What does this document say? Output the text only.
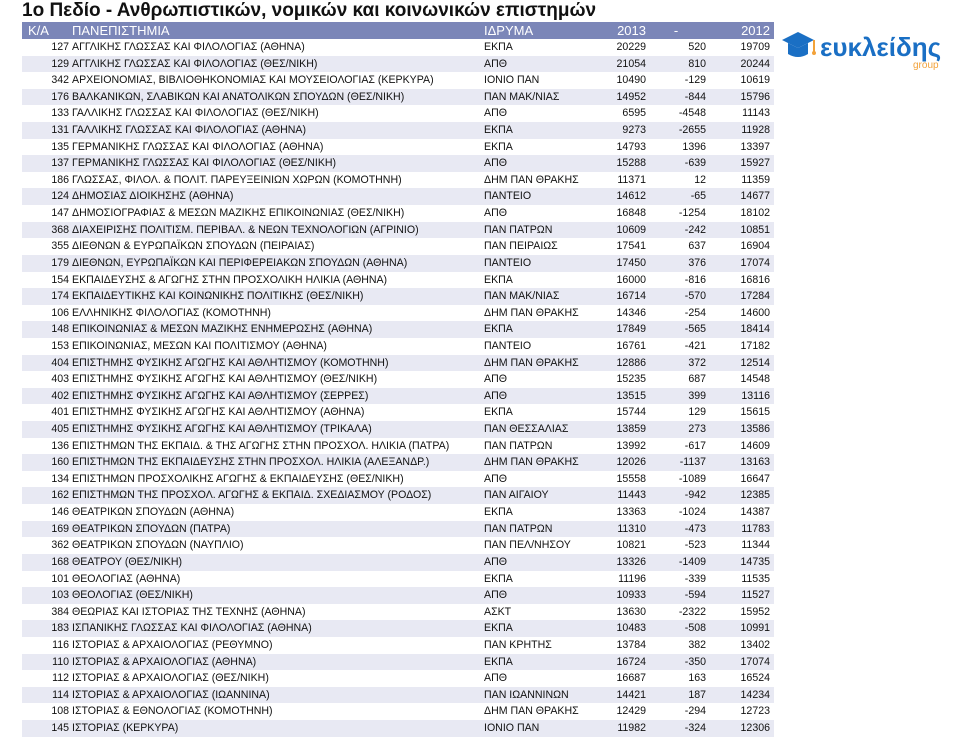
1ο Πεδίο - Ανθρωπιστικών, νομικών και κοινωνικών επιστημών
Κ/Α	ΠΑΝΕΠΙΣΤΗΜΙΑ	ΙΔΡΥΜΑ	2013	-	2012
127 ΑΓΓΛΙΚΗΣ ΓΛΩΣΣΑΣ ΚΑΙ ΦΙΛΟΛΟΓΙΑΣ (ΑΘΗΝΑ)	ΕΚΠΑ	20229	520	19709
129 ΑΓΓΛΙΚΗΣ ΓΛΩΣΣΑΣ ΚΑΙ ΦΙΛΟΛΟΓΙΑΣ (ΘΕΣ/ΝΙΚΗ)	ΑΠΘ	21054	810	20244
342 ΑΡΧΕΙΟΝΟΜΙΑΣ, ΒΙΒΛΙΟΘΗΚΟΝΟΜΙΑΣ ΚΑΙ ΜΟΥΣΕΙΟΛΟΓΙΑΣ (ΚΕΡΚΥΡΑ)	ΙΟΝΙΟ ΠΑΝ	10490	-129	10619
176 ΒΑΛΚΑΝΙΚΩΝ, ΣΛΑΒΙΚΩΝ ΚΑΙ ΑΝΑΤΟΛΙΚΩΝ ΣΠΟΥΔΩΝ (ΘΕΣ/ΝΙΚΗ)	ΠΑΝ ΜΑΚ/ΝΙΑΣ	14952	-844	15796
133 ΓΑΛΛΙΚΗΣ ΓΛΩΣΣΑΣ ΚΑΙ ΦΙΛΟΛΟΓΙΑΣ (ΘΕΣ/ΝΙΚΗ)	ΑΠΘ	6595	-4548	11143
131 ΓΑΛΛΙΚΗΣ ΓΛΩΣΣΑΣ ΚΑΙ ΦΙΛΟΛΟΓΙΑΣ (ΑΘΗΝΑ)	ΕΚΠΑ	9273	-2655	11928
135 ΓΕΡΜΑΝΙΚΗΣ ΓΛΩΣΣΑΣ ΚΑΙ ΦΙΛΟΛΟΓΙΑΣ (ΑΘΗΝΑ)	ΕΚΠΑ	14793	1396	13397
137 ΓΕΡΜΑΝΙΚΗΣ ΓΛΩΣΣΑΣ ΚΑΙ ΦΙΛΟΛΟΓΙΑΣ (ΘΕΣ/ΝΙΚΗ)	ΑΠΘ	15288	-639	15927
186 ΓΛΩΣΣΑΣ, ΦΙΛΟΛ. & ΠΟΛΙΤ. ΠΑΡΕΥΞΕΙΝΙΩΝ ΧΩΡΩΝ (ΚΟΜΟΤΗΝΗ)	ΔΗΜ ΠΑΝ ΘΡΑΚΗΣ	11371	12	11359
124 ΔΗΜΟΣΙΑΣ ΔΙΟΙΚΗΣΗΣ (ΑΘΗΝΑ)	ΠΑΝΤΕΙΟ	14612	-65	14677
147 ΔΗΜΟΣΙΟΓΡΑΦΙΑΣ & ΜΕΣΩΝ ΜΑΖΙΚΗΣ ΕΠΙΚΟΙΝΩΝΙΑΣ (ΘΕΣ/ΝΙΚΗ)	ΑΠΘ	16848	-1254	18102
368 ΔΙΑΧΕΙΡΙΣΗΣ ΠΟΛΙΤΙΣΜ. ΠΕΡΙΒΑΛ. & ΝΕΩΝ ΤΕΧΝΟΛΟΓΙΩΝ (ΑΓΡΙΝΙΟ)	ΠΑΝ ΠΑΤΡΩΝ	10609	-242	10851
355 ΔΙΕΘΝΩΝ & ΕΥΡΩΠΑΪΚΩΝ ΣΠΟΥΔΩΝ (ΠΕΙΡΑΙΑΣ)	ΠΑΝ ΠΕΙΡΑΙΩΣ	17541	637	16904
179 ΔΙΕΘΝΩΝ, ΕΥΡΩΠΑΪΚΩΝ ΚΑΙ ΠΕΡΙΦΕΡΕΙΑΚΩΝ ΣΠΟΥΔΩΝ (ΑΘΗΝΑ)	ΠΑΝΤΕΙΟ	17450	376	17074
154 ΕΚΠΑΙΔΕΥΣΗΣ & ΑΓΩΓΗΣ ΣΤΗΝ ΠΡΟΣΧΟΛΙΚΗ ΗΛΙΚΙΑ (ΑΘΗΝΑ)	ΕΚΠΑ	16000	-816	16816
174 ΕΚΠΑΙΔΕΥΤΙΚΗΣ ΚΑΙ ΚΟΙΝΩΝΙΚΗΣ ΠΟΛΙΤΙΚΗΣ (ΘΕΣ/ΝΙΚΗ)	ΠΑΝ ΜΑΚ/ΝΙΑΣ	16714	-570	17284
106 ΕΛΛΗΝΙΚΗΣ ΦΙΛΟΛΟΓΙΑΣ (ΚΟΜΟΤΗΝΗ)	ΔΗΜ ΠΑΝ ΘΡΑΚΗΣ	14346	-254	14600
148 ΕΠΙΚΟΙΝΩΝΙΑΣ & ΜΕΣΩΝ ΜΑΖΙΚΗΣ ΕΝΗΜΕΡΩΣΗΣ (ΑΘΗΝΑ)	ΕΚΠΑ	17849	-565	18414
153 ΕΠΙΚΟΙΝΩΝΙΑΣ, ΜΕΣΩΝ ΚΑΙ ΠΟΛΙΤΙΣΜΟΥ (ΑΘΗΝΑ)	ΠΑΝΤΕΙΟ	16761	-421	17182
404 ΕΠΙΣΤΗΜΗΣ ΦΥΣΙΚΗΣ ΑΓΩΓΗΣ ΚΑΙ ΑΘΛΗΤΙΣΜΟΥ (ΚΟΜΟΤΗΝΗ)	ΔΗΜ ΠΑΝ ΘΡΑΚΗΣ	12886	372	12514
403 ΕΠΙΣΤΗΜΗΣ ΦΥΣΙΚΗΣ ΑΓΩΓΗΣ ΚΑΙ ΑΘΛΗΤΙΣΜΟΥ (ΘΕΣ/ΝΙΚΗ)	ΑΠΘ	15235	687	14548
402 ΕΠΙΣΤΗΜΗΣ ΦΥΣΙΚΗΣ ΑΓΩΓΗΣ ΚΑΙ ΑΘΛΗΤΙΣΜΟΥ (ΣΕΡΡΕΣ)	ΑΠΘ	13515	399	13116
401 ΕΠΙΣΤΗΜΗΣ ΦΥΣΙΚΗΣ ΑΓΩΓΗΣ ΚΑΙ ΑΘΛΗΤΙΣΜΟΥ (ΑΘΗΝΑ)	ΕΚΠΑ	15744	129	15615
405 ΕΠΙΣΤΗΜΗΣ ΦΥΣΙΚΗΣ ΑΓΩΓΗΣ ΚΑΙ ΑΘΛΗΤΙΣΜΟΥ (ΤΡΙΚΑΛΑ)	ΠΑΝ ΘΕΣΣΑΛΙΑΣ	13859	273	13586
136 ΕΠΙΣΤΗΜΩΝ ΤΗΣ ΕΚΠΑΙΔ. & ΤΗΣ ΑΓΩΓΗΣ ΣΤΗΝ ΠΡΟΣΧΟΛ. ΗΛΙΚΙΑ (ΠΑΤΡΑ)	ΠΑΝ ΠΑΤΡΩΝ	13992	-617	14609
160 ΕΠΙΣΤΗΜΩΝ ΤΗΣ ΕΚΠΑΙΔΕΥΣΗΣ ΣΤΗΝ ΠΡΟΣΧΟΛ. ΗΛΙΚΙΑ (ΑΛΕΞΑΝΔΡ.)	ΔΗΜ ΠΑΝ ΘΡΑΚΗΣ	12026	-1137	13163
134 ΕΠΙΣΤΗΜΩΝ ΠΡΟΣΧΟΛΙΚΗΣ ΑΓΩΓΗΣ & ΕΚΠΑΙΔΕΥΣΗΣ (ΘΕΣ/ΝΙΚΗ)	ΑΠΘ	15558	-1089	16647
162 ΕΠΙΣΤΗΜΩΝ ΤΗΣ ΠΡΟΣΧΟΛ. ΑΓΩΓΗΣ & ΕΚΠΑΙΔ. ΣΧΕΔΙΑΣΜΟΥ (ΡΟΔΟΣ)	ΠΑΝ ΑΙΓΑΙΟΥ	11443	-942	12385
146 ΘΕΑΤΡΙΚΩΝ ΣΠΟΥΔΩΝ (ΑΘΗΝΑ)	ΕΚΠΑ	13363	-1024	14387
169 ΘΕΑΤΡΙΚΩΝ ΣΠΟΥΔΩΝ (ΠΑΤΡΑ)	ΠΑΝ ΠΑΤΡΩΝ	11310	-473	11783
362 ΘΕΑΤΡΙΚΩΝ ΣΠΟΥΔΩΝ (ΝΑΥΠΛΙΟ)	ΠΑΝ ΠΕΛ/ΝΗΣΟΥ	10821	-523	11344
168 ΘΕΑΤΡΟΥ (ΘΕΣ/ΝΙΚΗ)	ΑΠΘ	13326	-1409	14735
101 ΘΕΟΛΟΓΙΑΣ (ΑΘΗΝΑ)	ΕΚΠΑ	11196	-339	11535
103 ΘΕΟΛΟΓΙΑΣ (ΘΕΣ/ΝΙΚΗ)	ΑΠΘ	10933	-594	11527
384 ΘΕΩΡΙΑΣ ΚΑΙ ΙΣΤΟΡΙΑΣ ΤΗΣ ΤΕΧΝΗΣ (ΑΘΗΝΑ)	ΑΣΚΤ	13630	-2322	15952
183 ΙΣΠΑΝΙΚΗΣ ΓΛΩΣΣΑΣ ΚΑΙ ΦΙΛΟΛΟΓΙΑΣ (ΑΘΗΝΑ)	ΕΚΠΑ	10483	-508	10991
116 ΙΣΤΟΡΙΑΣ & ΑΡΧΑΙΟΛΟΓΙΑΣ (ΡΕΘΥΜΝΟ)	ΠΑΝ ΚΡΗΤΗΣ	13784	382	13402
110 ΙΣΤΟΡΙΑΣ & ΑΡΧΑΙΟΛΟΓΙΑΣ (ΑΘΗΝΑ)	ΕΚΠΑ	16724	-350	17074
112 ΙΣΤΟΡΙΑΣ & ΑΡΧΑΙΟΛΟΓΙΑΣ (ΘΕΣ/ΝΙΚΗ)	ΑΠΘ	16687	163	16524
114 ΙΣΤΟΡΙΑΣ & ΑΡΧΑΙΟΛΟΓΙΑΣ (ΙΩΑΝΝΙΝΑ)	ΠΑΝ ΙΩΑΝΝΙΝΩΝ	14421	187	14234
108 ΙΣΤΟΡΙΑΣ & ΕΘΝΟΛΟΓΙΑΣ (ΚΟΜΟΤΗΝΗ)	ΔΗΜ ΠΑΝ ΘΡΑΚΗΣ	12429	-294	12723
145 ΙΣΤΟΡΙΑΣ (ΚΕΡΚΥΡΑ)	ΙΟΝΙΟ ΠΑΝ	11982	-324	12306
ευκλείδης
group
